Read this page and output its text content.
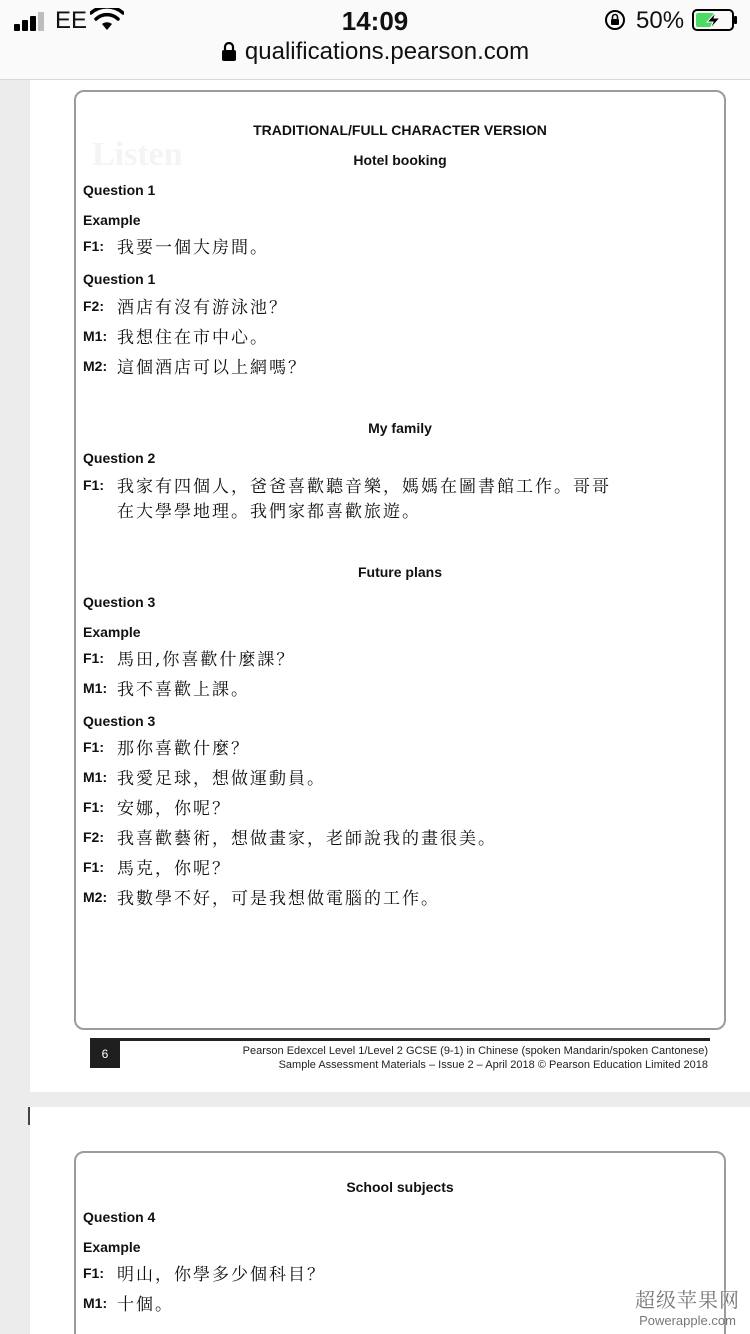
EE	14:09	50%
qualifications.pearson.com
Listen
TRADITIONAL/FULL CHARACTER VERSION
Hotel booking
Question 1
Example
F1: 我要一個大房間。
Question 1
F2: 酒店有沒有游泳池？
M1: 我想住在市中心。
M2: 這個酒店可以上網嗎？
My family
Question 2
F1: 我家有四個人，爸爸喜歡聽音樂，媽媽在圖書館工作。哥哥
在大學學地理。我們家都喜歡旅遊。
Future plans
Question 3
Example
F1: 馬田,你喜歡什麼課？
M1: 我不喜歡上課。
Question 3
F1: 那你喜歡什麼？
M1: 我愛足球，想做運動員。
F1: 安娜，你呢？
F2: 我喜歡藝術，想做畫家，老師說我的畫很美。
F1: 馬克，你呢？
M2: 我數學不好，可是我想做電腦的工作。
6	Pearson Edexcel Level 1/Level 2 GCSE (9-1) in Chinese (spoken Mandarin/spoken Cantonese)
Sample Assessment Materials – Issue 2 – April 2018 © Pearson Education Limited 2018
School subjects
Question 4
Example
F1: 明山，你學多少個科目？
M1: 十個。	超级苹果网
Powerapple.com
